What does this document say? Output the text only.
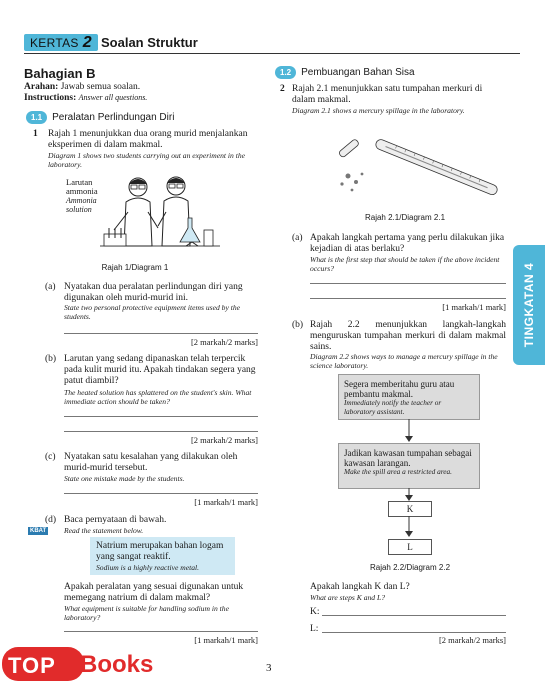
KERTAS 2 Soalan Struktur
Bahagian B
Arahan: Jawab semua soalan.
Instructions: Answer all questions.
1.1	Peralatan Perlindungan Diri
1 Rajah 1 menunjukkan dua orang murid menjalankan eksperimen di dalam makmal.
Diagram 1 shows two students carrying out an experiment in the laboratory.
Larutan
ammonia
Ammonia
solution
Rajah 1/Diagram 1
(a) Nyatakan dua peralatan perlindungan diri yang digunakan oleh murid-murid ini.
State two personal protective equipment items used by the students.
[2 markah/2 marks]
(b) Larutan yang sedang dipanaskan telah terpercik pada kulit murid itu. Apakah tindakan segera yang patut diambil?
The heated solution has splattered on the student's skin. What immediate action should be taken?
[2 markah/2 marks]
(c) Nyatakan satu kesalahan yang dilakukan oleh murid-murid tersebut.
State one mistake made by the students.
[1 markah/1 mark]
(d) Baca pernyataan di bawah.
KBAT Read the statement below.
Natrium merupakan bahan logam yang sangat reaktif.
Sodium is a highly reactive metal.
Apakah peralatan yang sesuai digunakan untuk memegang natrium di dalam makmal?
What equipment is suitable for handling sodium in the laboratory?
[1 markah/1 mark]
1.2	Pembuangan Bahan Sisa
2 Rajah 2.1 menunjukkan satu tumpahan merkuri di dalam makmal.
Diagram 2.1 shows a mercury spillage in the laboratory.
Rajah 2.1/Diagram 2.1
(a) Apakah langkah pertama yang perlu dilakukan jika kejadian di atas berlaku?
What is the first step that should be taken if the above incident occurs?
[1 markah/1 mark]
(b) Rajah 2.2 menunjukkan langkah-langkah menguruskan tumpahan merkuri di dalam makmal sains.
Diagram 2.2 shows ways to manage a mercury spillage in the science laboratory.
Segera memberitahu guru atau pembantu makmal.
Immediately notify the teacher or laboratory assistant.
Jadikan kawasan tumpahan sebagai kawasan larangan.
Make the spill area a restricted area.
K
L
Rajah 2.2/Diagram 2.2
Apakah langkah K dan L?
What are steps K and L?
K:
L:
[2 markah/2 marks]
TINGKATAN 4
3
TOP Books
